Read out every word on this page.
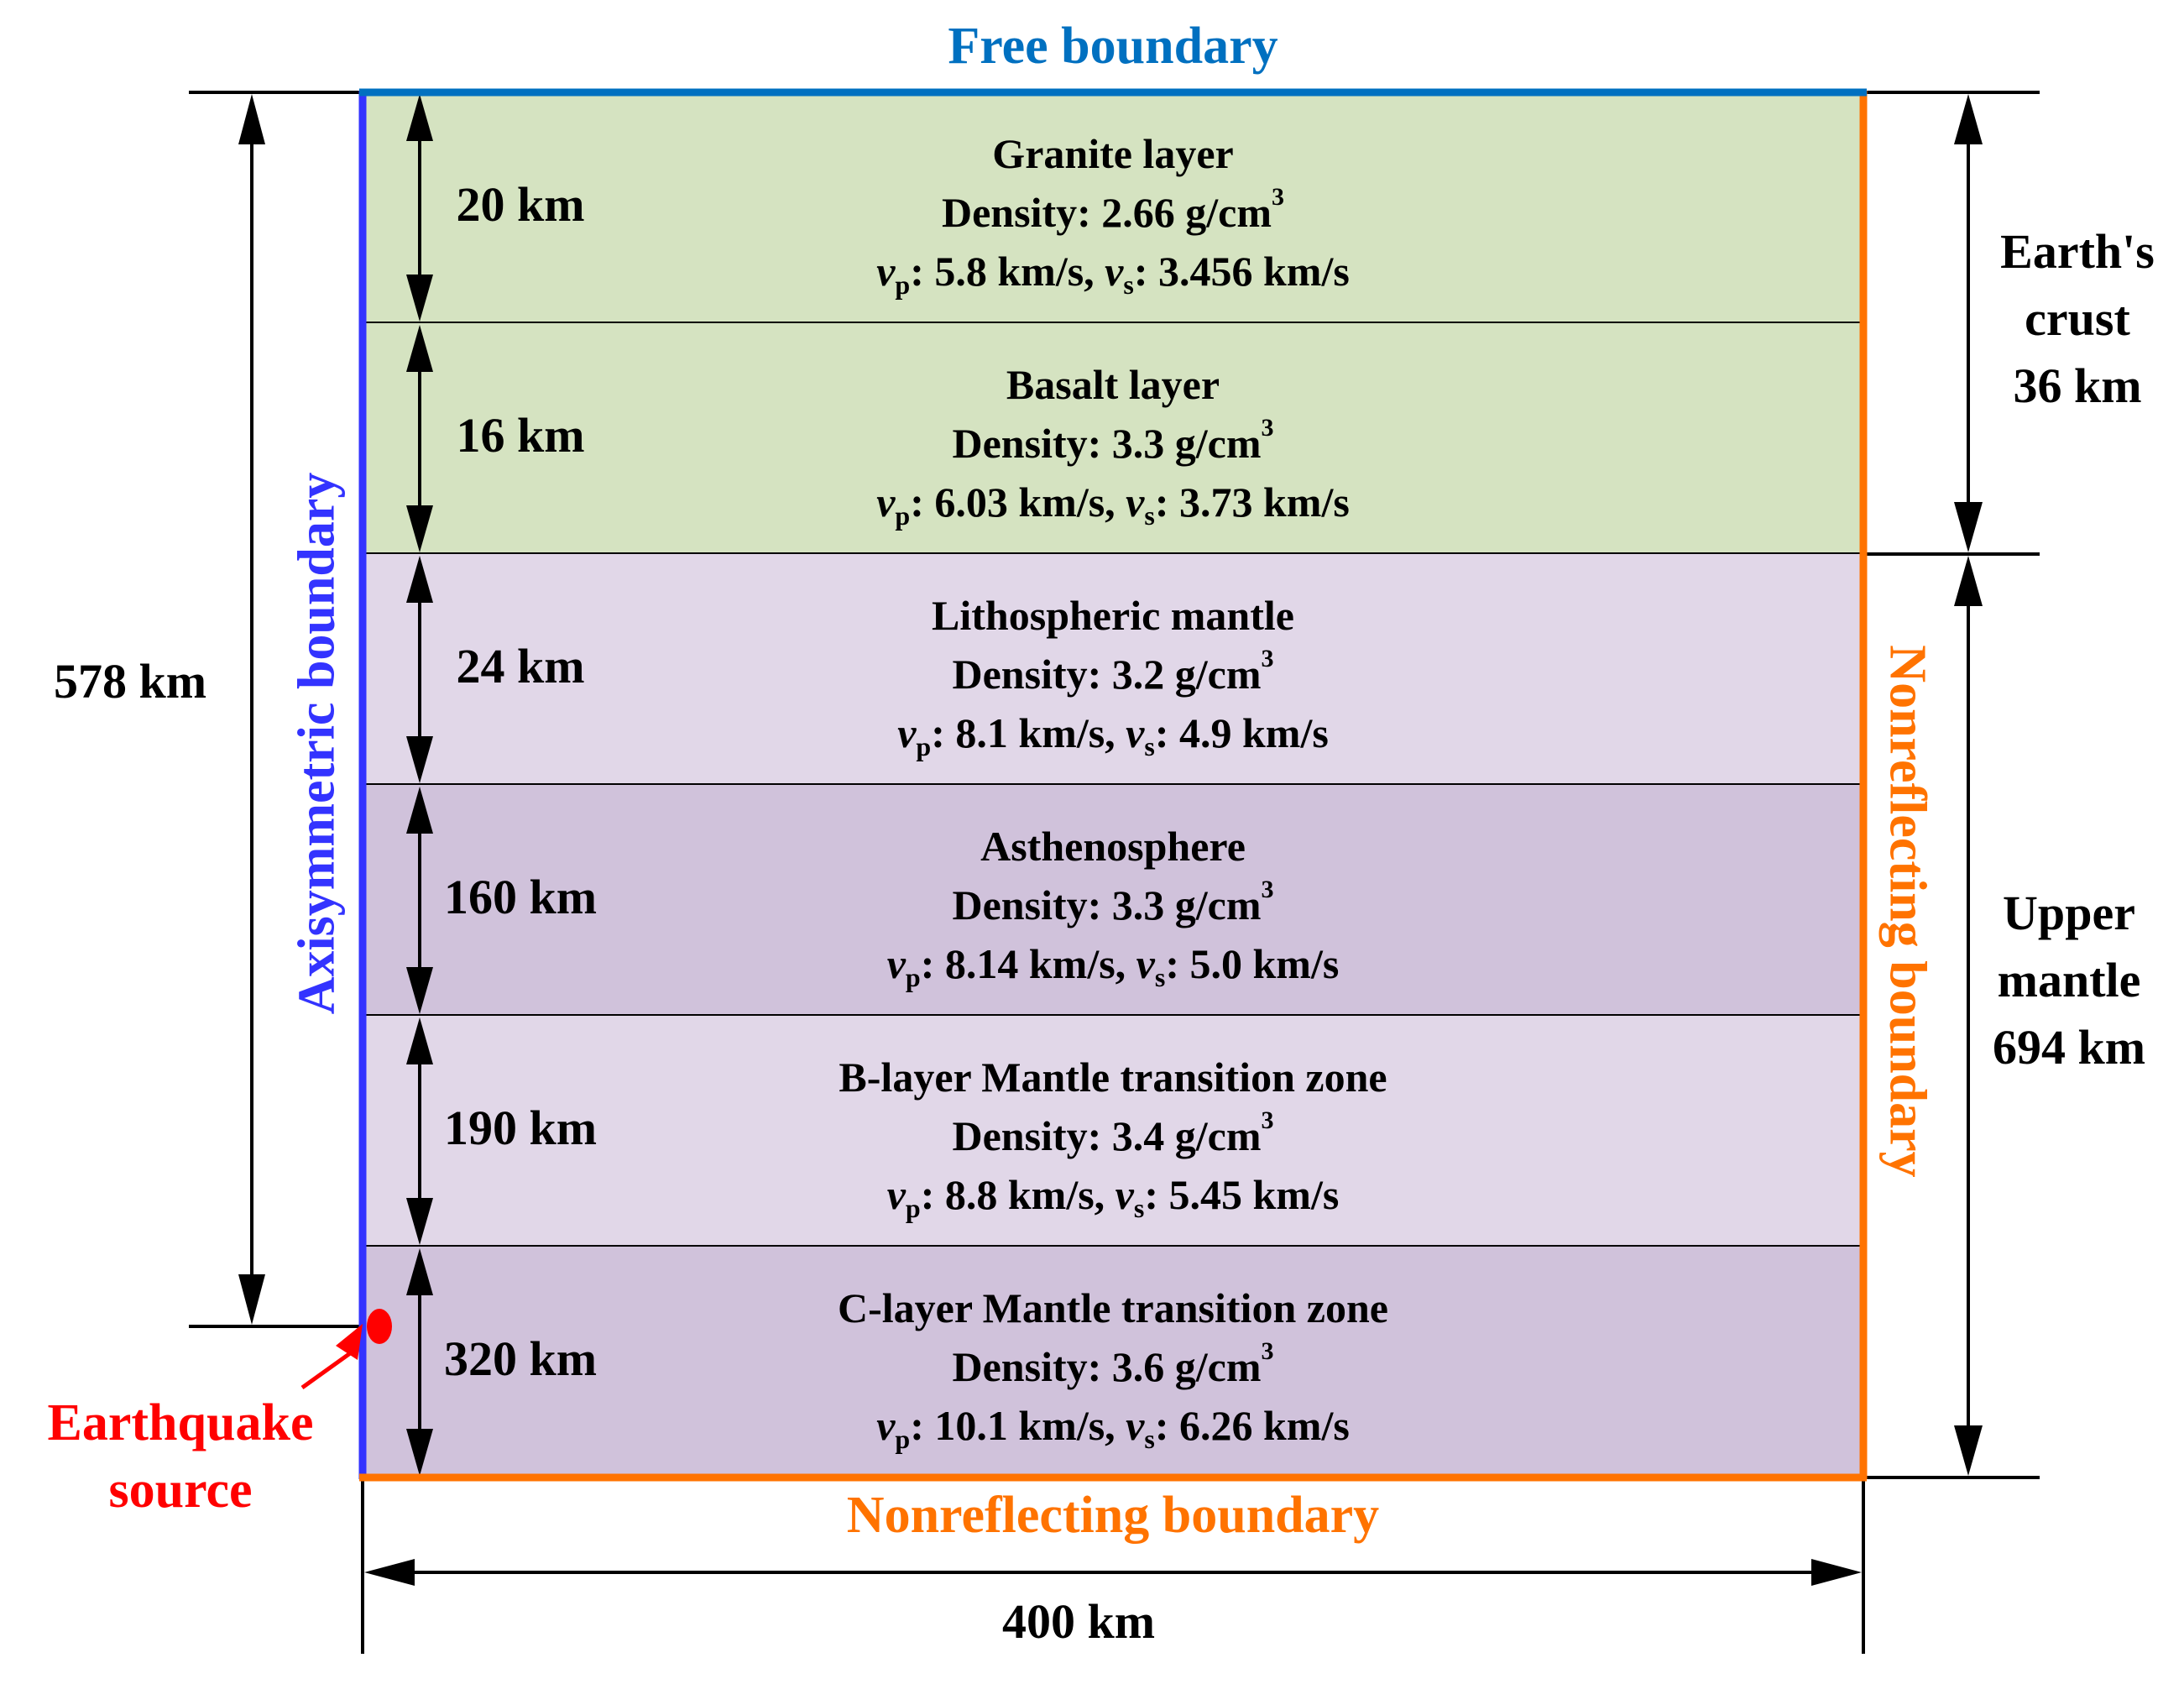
Granite layer
Density: 2.66 $g/cm^3$
$v_p$: 5.8 km/s, $v_s$: 3.456 km/s
Basalt layer
Density: 3.3 $g/cm^3$
$v_p$: 6.03 km/s, $v_s$: 3.73 km/s
Lithospheric mantle
Density: 3.2 $g/cm^3$
$v_p$: 8.1 km/s, $v_s$: 4.9 km/s
Asthenosphere
Density: 3.3 $g/cm^3$
$v_p$: 8.14 km/s, $v_s$: 5.0 km/s
B-layer Mantle transition zone
Density: 3.4 $g/cm^3$
$v_p$: 8.8 km/s, $v_s$: 5.45 km/s
C-layer Mantle transition zone
Density: 3.6 $g/cm^3$
$v_p$: 10.1 km/s, $v_s$: 6.26 km/s
Free boundary
Nonreflecting boundary
Axisymmetric boundary	Nonreflecting boundary
578 km
400 km
Earth's
crust
36 km
Upper
mantle
694 km
Earthquake
source
20 km
16 km
24 km
160 km
190 km
320 km
